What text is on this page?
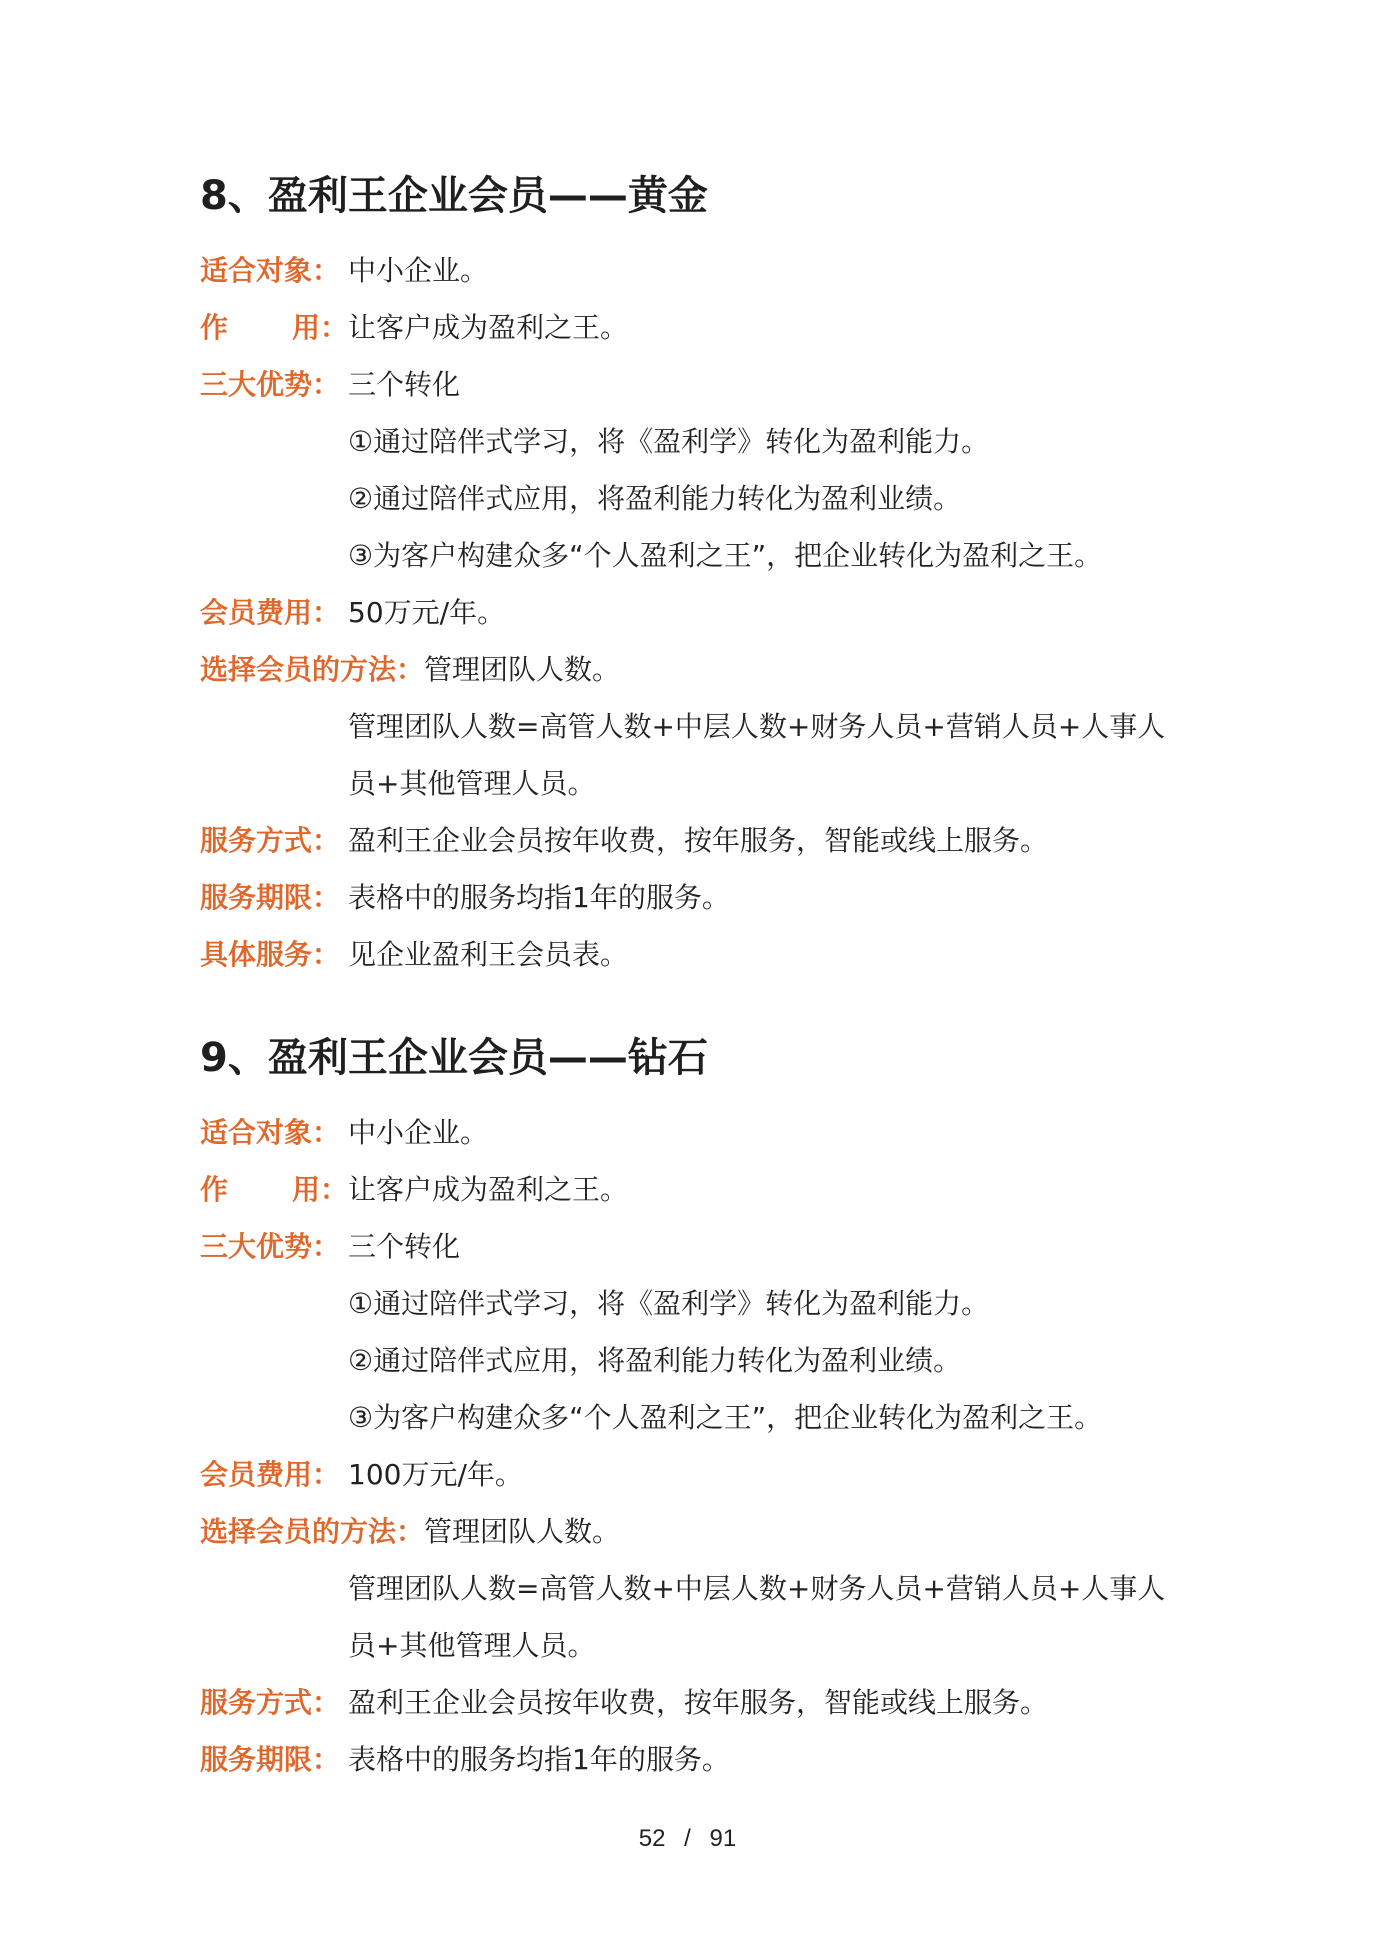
8、盈利王企业会员——黄金
适合对象： 中小企业。
作 用： 让客户成为盈利之王。
三大优势： 三个转化
①通过陪伴式学习，将《盈利学》转化为盈利能力。
②通过陪伴式应用，将盈利能力转化为盈利业绩。
③为客户构建众多“个人盈利之王”，把企业转化为盈利之王。
会员费用： 50万元/年。
选择会员的方法： 管理团队人数。
管理团队人数=高管人数+中层人数+财务人员+营销人员+人事人
员+其他管理人员。
服务方式： 盈利王企业会员按年收费，按年服务，智能或线上服务。
服务期限： 表格中的服务均指1年的服务。
具体服务： 见企业盈利王会员表。
9、盈利王企业会员——钻石
适合对象： 中小企业。
作 用： 让客户成为盈利之王。
三大优势： 三个转化
①通过陪伴式学习，将《盈利学》转化为盈利能力。
②通过陪伴式应用，将盈利能力转化为盈利业绩。
③为客户构建众多“个人盈利之王”，把企业转化为盈利之王。
会员费用： 100万元/年。
选择会员的方法： 管理团队人数。
管理团队人数=高管人数+中层人数+财务人员+营销人员+人事人
员+其他管理人员。
服务方式： 盈利王企业会员按年收费，按年服务，智能或线上服务。
服务期限： 表格中的服务均指1年的服务。
52 / 91
